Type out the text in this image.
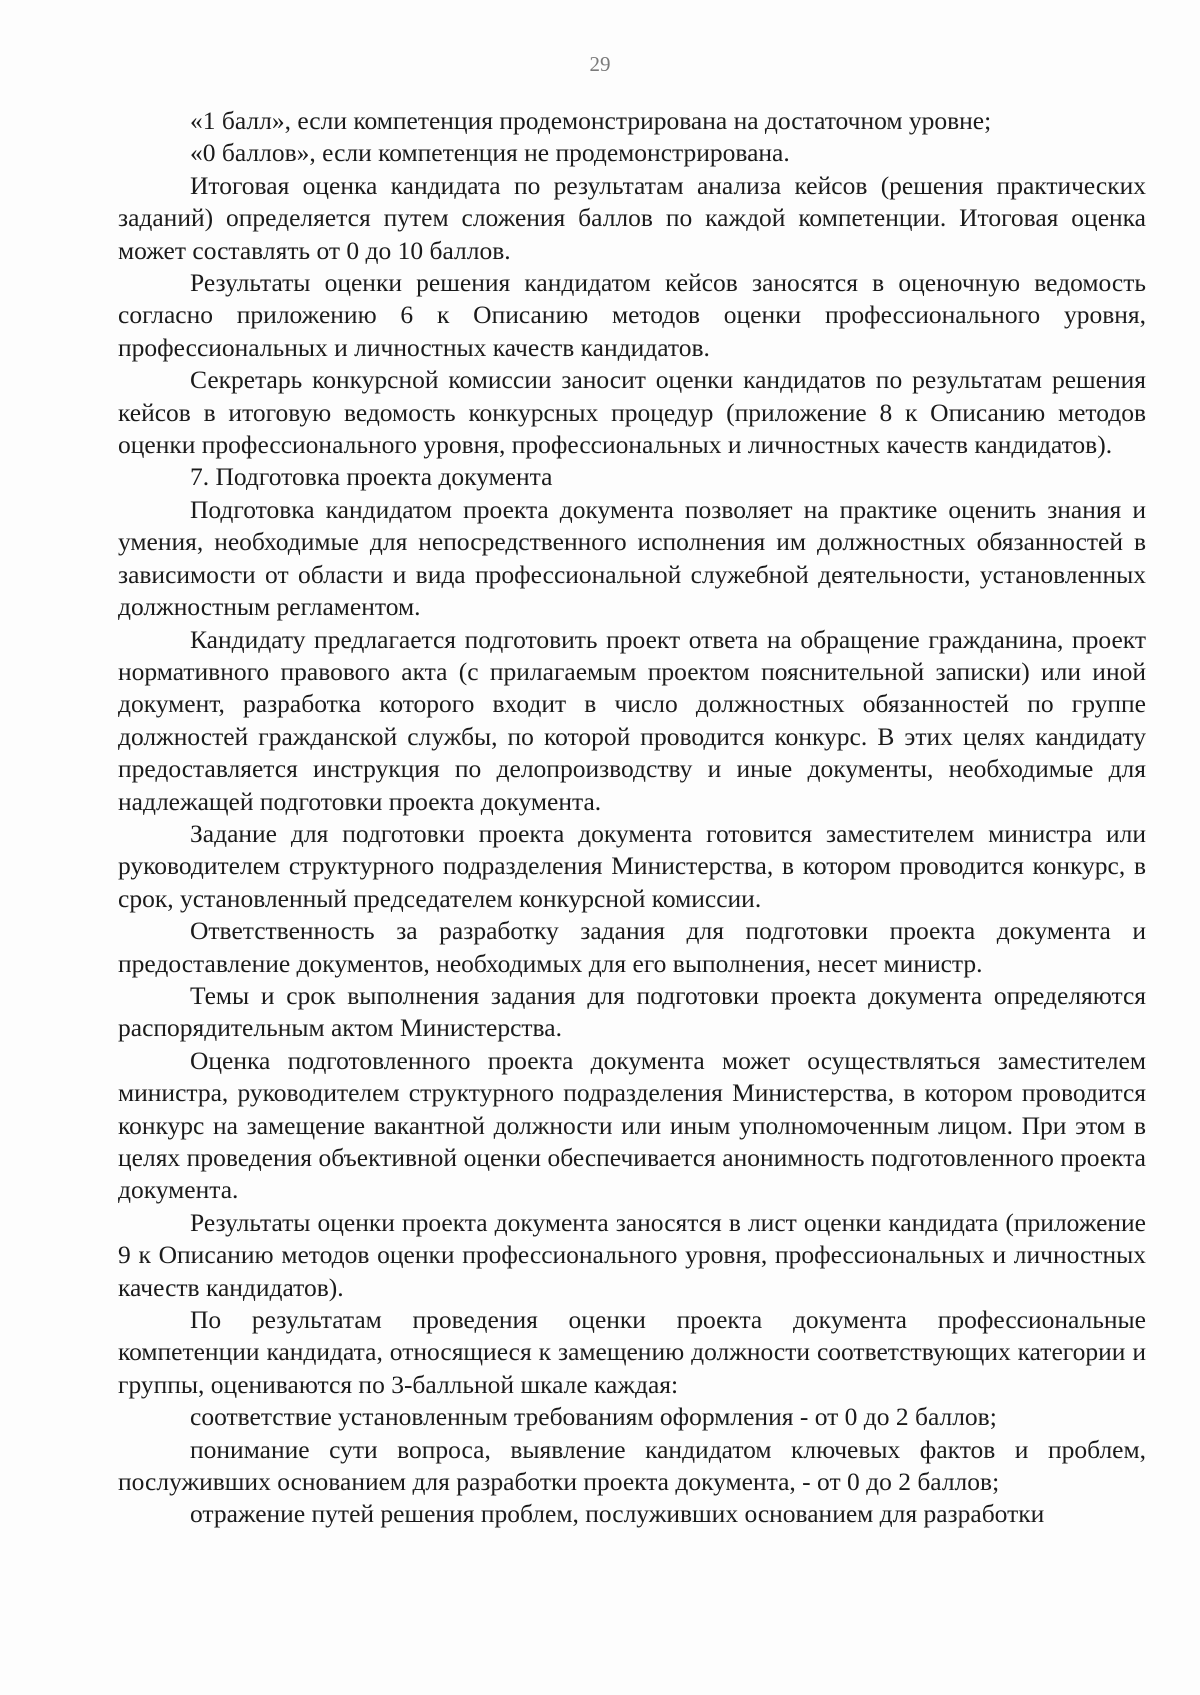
29

«1 балл», если компетенция продемонстрирована на достаточном уровне;

«0 баллов», если компетенция не продемонстрирована.

Итоговая оценка кандидата по результатам анализа кейсов (решения практических заданий) определяется путем сложения баллов по каждой компетенции. Итоговая оценка может составлять от 0 до 10 баллов.

Результаты оценки решения кандидатом кейсов заносятся в оценочную ведомость согласно приложению 6 к Описанию методов оценки профессионального уровня, профессиональных и личностных качеств кандидатов.

Секретарь конкурсной комиссии заносит оценки кандидатов по результатам решения кейсов в итоговую ведомость конкурсных процедур (приложение 8 к Описанию методов оценки профессионального уровня, профессиональных и личностных качеств кандидатов).

7. Подготовка проекта документа

Подготовка кандидатом проекта документа позволяет на практике оценить знания и умения, необходимые для непосредственного исполнения им должностных обязанностей в зависимости от области и вида профессиональной служебной деятельности, установленных должностным регламентом.

Кандидату предлагается подготовить проект ответа на обращение гражданина, проект нормативного правового акта (с прилагаемым проектом пояснительной записки) или иной документ, разработка которого входит в число должностных обязанностей по группе должностей гражданской службы, по которой проводится конкурс. В этих целях кандидату предоставляется инструкция по делопроизводству и иные документы, необходимые для надлежащей подготовки проекта документа.

Задание для подготовки проекта документа готовится заместителем министра или руководителем структурного подразделения Министерства, в котором проводится конкурс, в срок, установленный председателем конкурсной комиссии.

Ответственность за разработку задания для подготовки проекта документа и предоставление документов, необходимых для его выполнения, несет министр.

Темы и срок выполнения задания для подготовки проекта документа определяются распорядительным актом Министерства.

Оценка подготовленного проекта документа может осуществляться заместителем министра, руководителем структурного подразделения Министерства, в котором проводится конкурс на замещение вакантной должности или иным уполномоченным лицом. При этом в целях проведения объективной оценки обеспечивается анонимность подготовленного проекта документа.

Результаты оценки проекта документа заносятся в лист оценки кандидата (приложение 9 к Описанию методов оценки профессионального уровня, профессиональных и личностных качеств кандидатов).

По результатам проведения оценки проекта документа профессиональные компетенции кандидата, относящиеся к замещению должности соответствующих категории и группы, оцениваются по 3-балльной шкале каждая:

соответствие установленным требованиям оформления - от 0 до 2 баллов;

понимание сути вопроса, выявление кандидатом ключевых фактов и проблем, послуживших основанием для разработки проекта документа, - от 0 до 2 баллов;

отражение путей решения проблем, послуживших основанием для разработки
